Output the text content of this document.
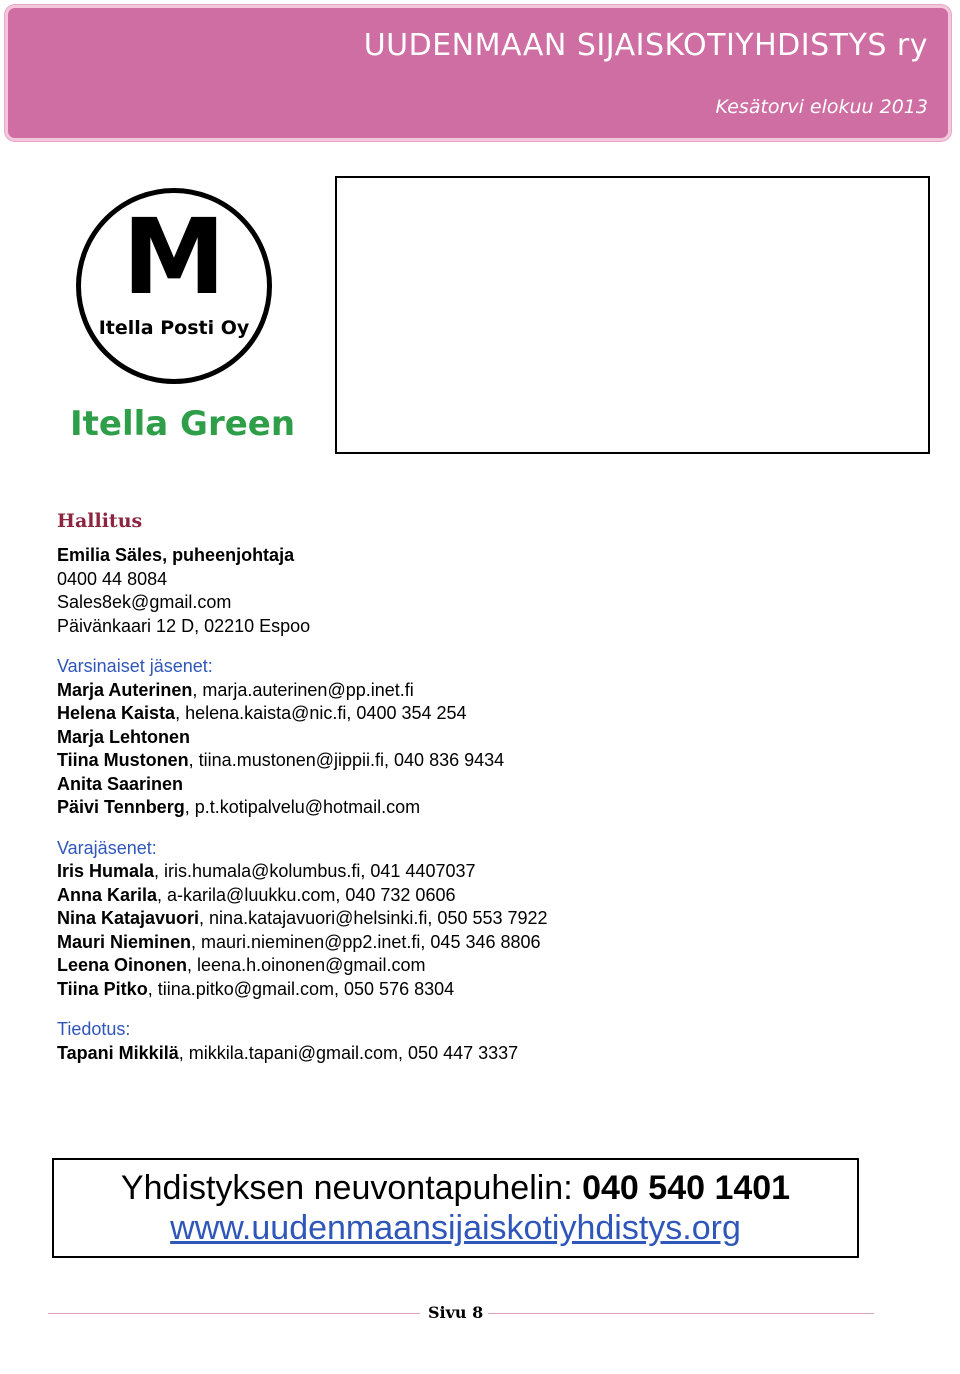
UUDENMAAN SIJAISKOTIYHDISTYS ry
Kesätorvi elokuu 2013
M
Itella Posti Oy
Itella Green
Hallitus
Emilia Säles, puheenjohtaja
0400 44 8084
Sales8ek@gmail.com
Päivänkaari 12 D, 02210 Espoo
Varsinaiset jäsenet:
Marja Auterinen, marja.auterinen@pp.inet.fi
Helena Kaista, helena.kaista@nic.fi, 0400 354 254
Marja Lehtonen
Tiina Mustonen, tiina.mustonen@jippii.fi, 040 836 9434
Anita Saarinen
Päivi Tennberg, p.t.kotipalvelu@hotmail.com
Varajäsenet:
Iris Humala, iris.humala@kolumbus.fi, 041 4407037
Anna Karila, a-karila@luukku.com, 040 732 0606
Nina Katajavuori, nina.katajavuori@helsinki.fi, 050 553 7922
Mauri Nieminen, mauri.nieminen@pp2.inet.fi, 045 346 8806
Leena Oinonen, leena.h.oinonen@gmail.com
Tiina Pitko, tiina.pitko@gmail.com, 050 576 8304
Tiedotus:
Tapani Mikkilä, mikkila.tapani@gmail.com, 050 447 3337
Yhdistyksen neuvontapuhelin: 040 540 1401
www.uudenmaansijaiskotiyhdistys.org
Sivu 8
